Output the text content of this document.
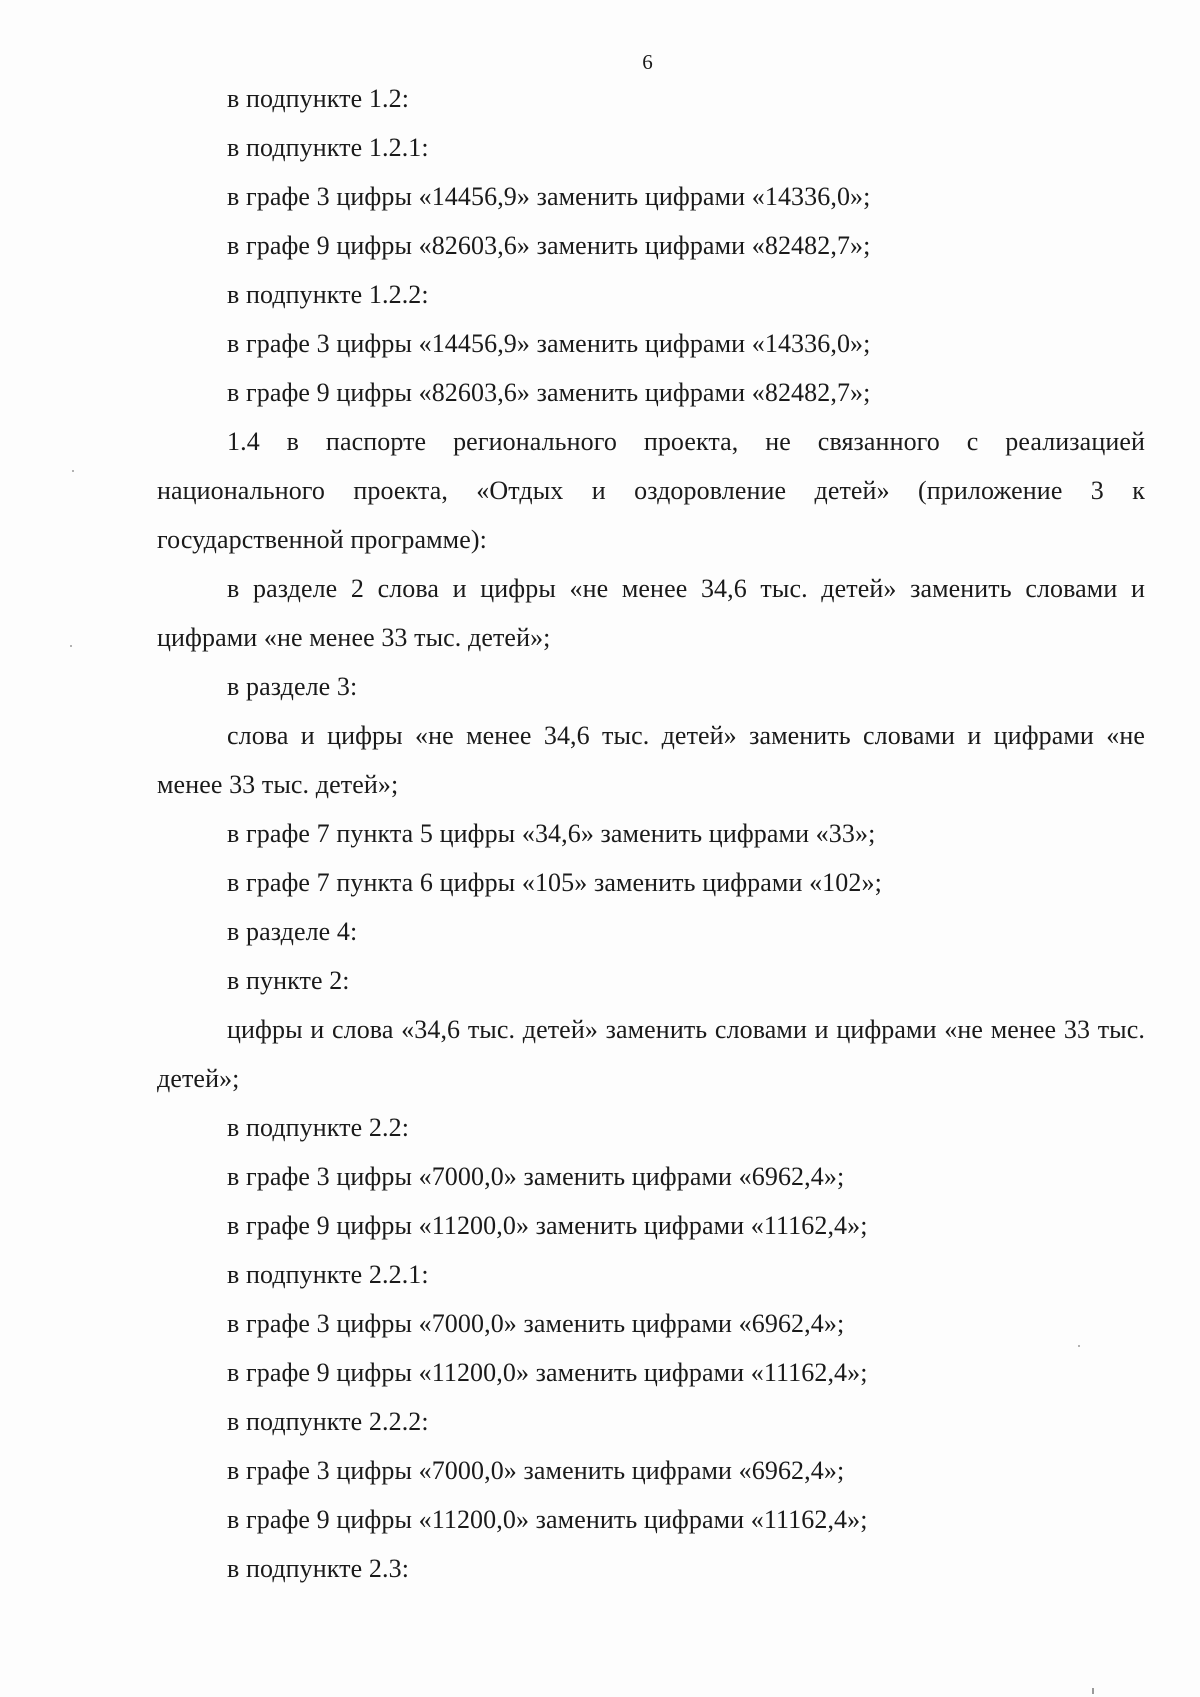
6

в подпункте 1.2:

в подпункте 1.2.1:

в графе 3 цифры «14456,9» заменить цифрами «14336,0»;

в графе 9 цифры «82603,6» заменить цифрами «82482,7»;

в подпункте 1.2.2:

в графе 3 цифры «14456,9» заменить цифрами «14336,0»;

в графе 9 цифры «82603,6» заменить цифрами «82482,7»;

1.4 в паспорте регионального проекта, не связанного с реализацией национального проекта, «Отдых и оздоровление детей» (приложение 3 к государственной программе):

в разделе 2 слова и цифры «не менее 34,6 тыс. детей» заменить словами и цифрами «не менее 33 тыс. детей»;

в разделе 3:

слова и цифры «не менее 34,6 тыс. детей» заменить словами и цифрами «не менее 33 тыс. детей»;

в графе 7 пункта 5 цифры «34,6» заменить цифрами «33»;

в графе 7 пункта 6 цифры «105» заменить цифрами «102»;

в разделе 4:

в пункте 2:

цифры и слова «34,6 тыс. детей» заменить словами и цифрами «не менее 33 тыс. детей»;

в подпункте 2.2:

в графе 3 цифры «7000,0» заменить цифрами «6962,4»;

в графе 9 цифры «11200,0» заменить цифрами «11162,4»;

в подпункте 2.2.1:

в графе 3 цифры «7000,0» заменить цифрами «6962,4»;

в графе 9 цифры «11200,0» заменить цифрами «11162,4»;

в подпункте 2.2.2:

в графе 3 цифры «7000,0» заменить цифрами «6962,4»;

в графе 9 цифры «11200,0» заменить цифрами «11162,4»;

в подпункте 2.3:
